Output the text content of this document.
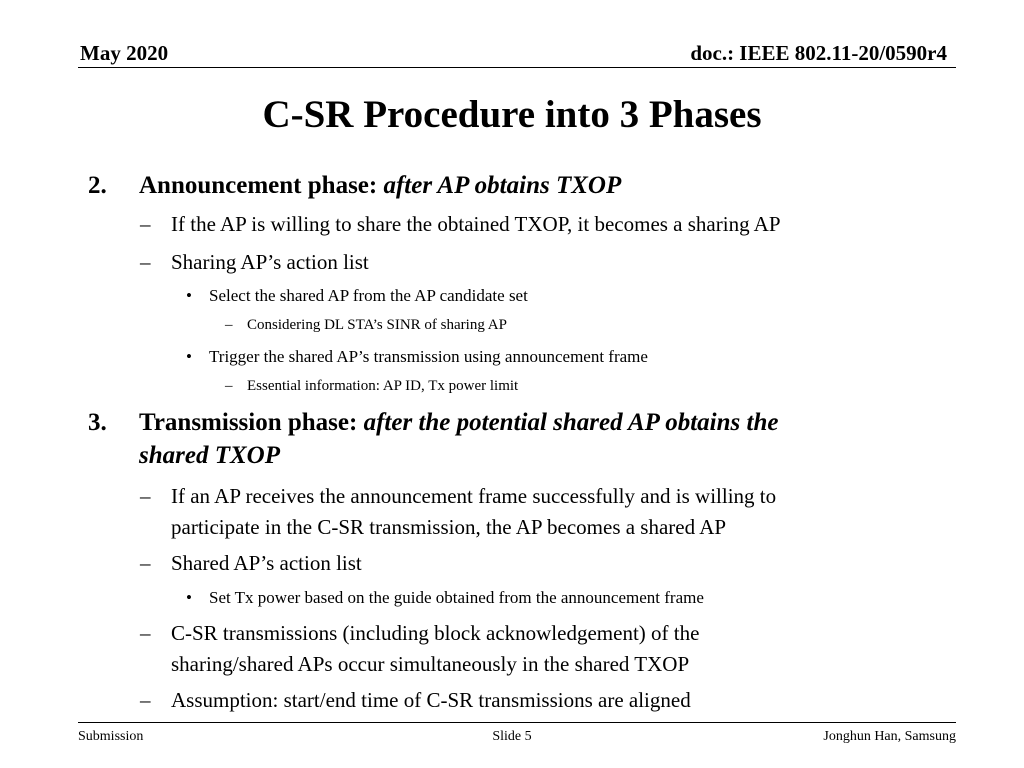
May 2020	doc.: IEEE 802.11-20/0590r4
C-SR Procedure into 3 Phases
2. Announcement phase: after AP obtains TXOP
– If the AP is willing to share the obtained TXOP, it becomes a sharing AP
– Sharing AP’s action list
• Select the shared AP from the AP candidate set
– Considering DL STA’s SINR of sharing AP
• Trigger the shared AP’s transmission using announcement frame
– Essential information: AP ID, Tx power limit
3. Transmission phase: after the potential shared AP obtains the
shared TXOP
– If an AP receives the announcement frame successfully and is willing to
participate in the C-SR transmission, the AP becomes a shared AP
– Shared AP’s action list
• Set Tx power based on the guide obtained from the announcement frame
– C-SR transmissions (including block acknowledgement) of the
sharing/shared APs occur simultaneously in the shared TXOP
– Assumption: start/end time of C-SR transmissions are aligned
Submission	Slide 5	Jonghun Han, Samsung
